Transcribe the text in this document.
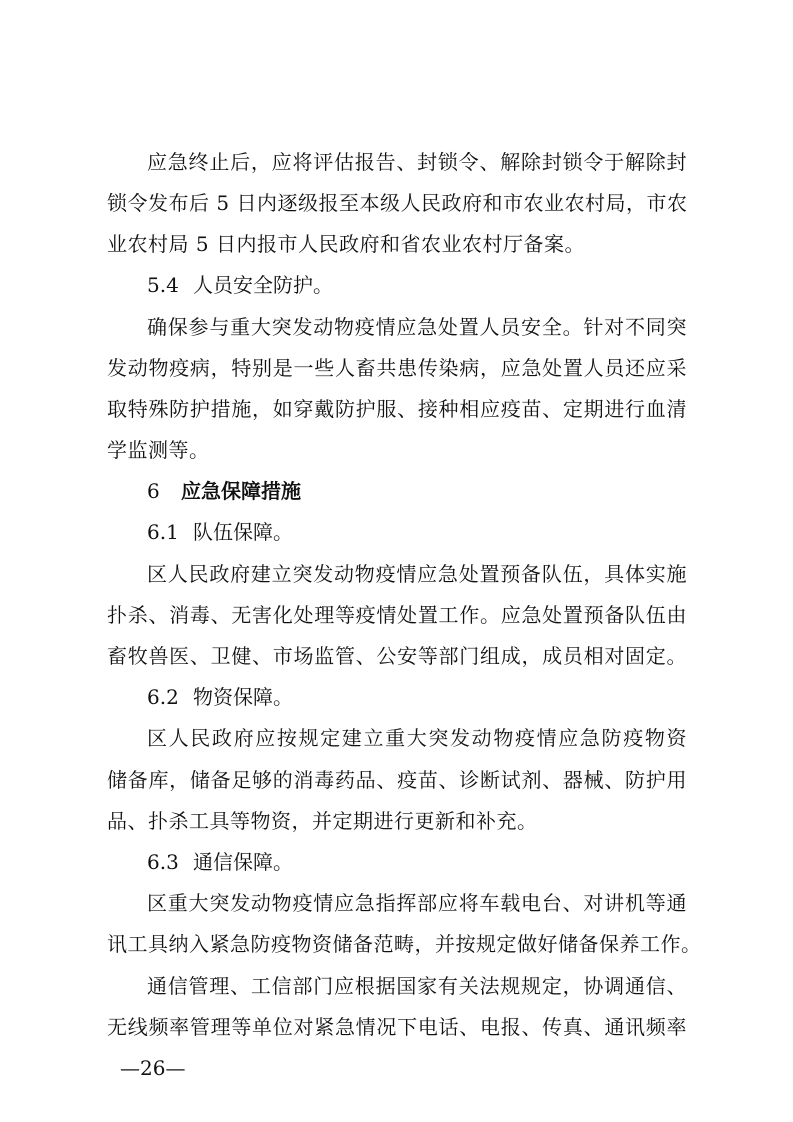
应急终止后，应将评估报告、封锁令、解除封锁令于解除封
锁令发布后 5 日内逐级报至本级人民政府和市农业农村局，市农
业农村局 5 日内报市人民政府和省农业农村厅备案。
5.4 人员安全防护。
确保参与重大突发动物疫情应急处置人员安全。针对不同突
发动物疫病，特别是一些人畜共患传染病，应急处置人员还应采
取特殊防护措施，如穿戴防护服、接种相应疫苗、定期进行血清
学监测等。
6 应急保障措施
6.1 队伍保障。
区人民政府建立突发动物疫情应急处置预备队伍，具体实施
扑杀、消毒、无害化处理等疫情处置工作。应急处置预备队伍由
畜牧兽医、卫健、市场监管、公安等部门组成，成员相对固定。
6.2 物资保障。
区人民政府应按规定建立重大突发动物疫情应急防疫物资
储备库，储备足够的消毒药品、疫苗、诊断试剂、器械、防护用
品、扑杀工具等物资，并定期进行更新和补充。
6.3 通信保障。
区重大突发动物疫情应急指挥部应将车载电台、对讲机等通
讯工具纳入紧急防疫物资储备范畴，并按规定做好储备保养工作。
通信管理、工信部门应根据国家有关法规规定，协调通信、
无线频率管理等单位对紧急情况下电话、电报、传真、通讯频率
—26—
